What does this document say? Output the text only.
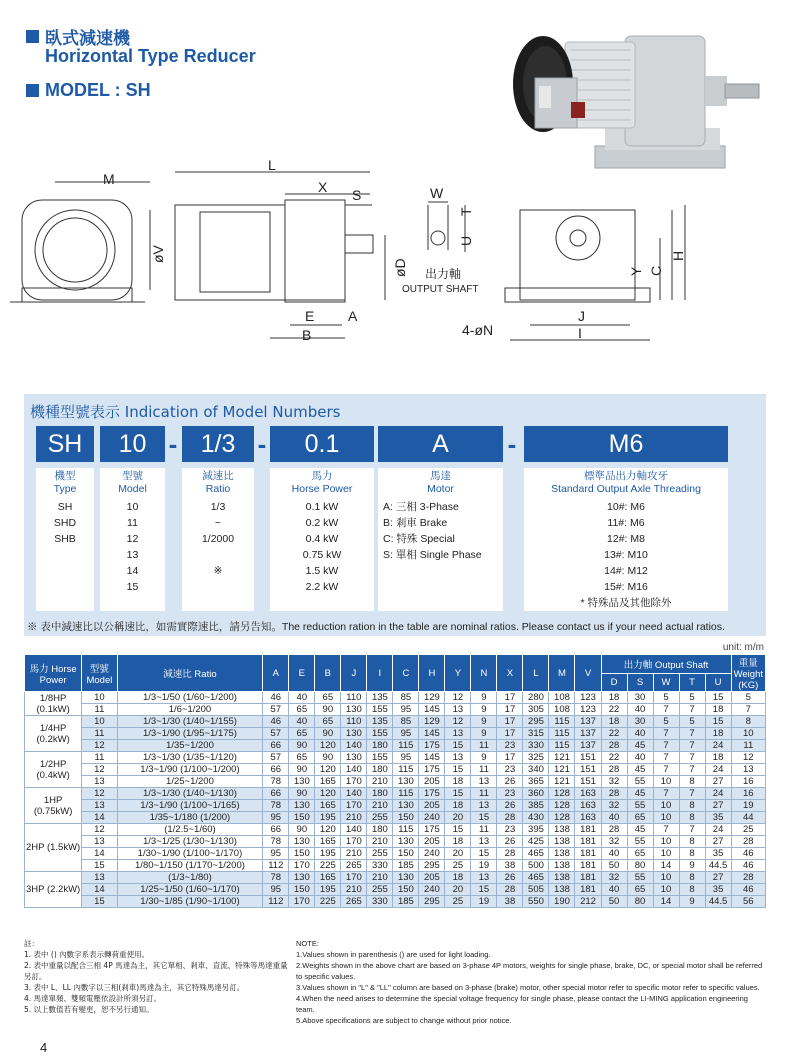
臥式減速機
Horizontal Type Reducer
MODEL : SH
M
L
X S
øV
E
B
A
øD
W
T
U
J
I
Y C
H
4-øN
出力軸
OUTPUT SHAFT
機種型號表示 Indication of Model Numbers
SH	10 - 1/3 -	0.1	A	-	M6
機型
Type
SH
SHD
SHB
型號
Model
10
11
12
13
14
15
減速比
Ratio
1/3
~
1/2000
※
馬力
Horse Power
0.1 kW
0.2 kW
0.4 kW
0.75 kW
1.5 kW
2.2 kW
馬達
Motor
A: 三相 3-Phase
B: 剎車 Brake
C: 特殊 Special
S: 單相 Single Phase
標準品出力軸攻牙
Standard Output Axle Threading
10#: M6
11#: M6
12#: M8
13#: M10
14#: M12
15#: M16
* 特殊品及其他除外
※ 表中減速比以公稱速比，如需實際速比，請另告知。The reduction ration in the table are nominal ratios. Please contact us if your need actual ratios.
unit: m/m
馬力 Horse Power	型號 Model	減速比 Ratio	A	E	B	J	I	C	H	Y	N	X	L	M	V	出力軸 Output Shaft					重量 Weight (KG)
																D	S	W	T	U	
1/8HP (0.1kW)	10	1/3~1/50 (1/60~1/200)	46	40	65	110	135	85	129	12	9	17	280	108	123	18	30	5	5	15	5
	11	1/6~1/200	57	65	90	130	155	95	145	13	9	17	305	108	123	22	40	7	7	18	7
1/4HP (0.2kW)	10	1/3~1/30 (1/40~1/155)	46	40	65	110	135	85	129	12	9	17	295	115	137	18	30	5	5	15	8
	11	1/3~1/90 (1/95~1/175)	57	65	90	130	155	95	145	13	9	17	315	115	137	22	40	7	7	18	10
	12	1/35~1/200	66	90	120	140	180	115	175	15	11	23	330	115	137	28	45	7	7	24	11
1/2HP (0.4kW)	11	1/3~1/30 (1/35~1/120)	57	65	90	130	155	95	145	13	9	17	325	121	151	22	40	7	7	18	12
	12	1/3~1/90 (1/100~1/200)	66	90	120	140	180	115	175	15	11	23	340	121	151	28	45	7	7	24	13
	13	1/25~1/200	78	130	165	170	210	130	205	18	13	26	365	121	151	32	55	10	8	27	16
1HP (0.75kW)	12	1/3~1/30 (1/40~1/130)	66	90	120	140	180	115	175	15	11	23	360	128	163	28	45	7	7	24	16
	13	1/3~1/90 (1/100~1/165)	78	130	165	170	210	130	205	18	13	26	385	128	163	32	55	10	8	27	19
	14	1/35~1/180 (1/200)	95	150	195	210	255	150	240	20	15	28	430	128	163	40	65	10	8	35	44
2HP (1.5kW)	12	(1/2.5~1/60)	66	90	120	140	180	115	175	15	11	23	395	138	181	28	45	7	7	24	25
	13	1/3~1/25 (1/30~1/130)	78	130	165	170	210	130	205	18	13	26	425	138	181	32	55	10	8	27	28
	14	1/30~1/90 (1/100~1/170)	95	150	195	210	255	150	240	20	15	28	465	138	181	40	65	10	8	35	46
	15	1/80~1/150 (1/170~1/200)	112	170	225	265	330	185	295	25	19	38	500	138	181	50	80	14	9	44.5	46
3HP (2.2kW)	13	(1/3~1/80)	78	130	165	170	210	130	205	18	13	26	465	138	181	32	55	10	8	27	28
	14	1/25~1/50 (1/60~1/170)	95	150	195	210	255	150	240	20	15	28	505	138	181	40	65	10	8	35	46
	15	1/30~1/85 (1/90~1/100)	112	170	225	265	330	185	295	25	19	38	550	190	212	50	80	14	9	44.5	56
註：
1. 表中 () 內數字系表示轉荷重使用。
2. 表中重量以配合三相 4P 馬達為主，其它單相、剎車、直流、特殊等馬達重量另訂。
3. 表中 L、LL 內數字以三相(剎車)馬達為主，其它特殊馬達另訂。
4. 馬達單頻、雙頻電壓依設計所須另訂。
5. 以上數值若有變更，恕不另行通知。
NOTE:
1.Values shown in parenthesis () are used for light loading.
2.Weights shown in the above chart are based on 3-phase 4P motors, weights for single phase, brake, DC, or special motor shall be referred to specific values.
3.Values shown in "L" & "LL" column are based on 3-phase (brake) motor, other special motor refer to specific motor refer to specific values.
4.When the need arises to determine the special voltage frequency for single phase, please contact the LI-MING application engineering team.
5.Above specifications are subject to change without prior notice.
4
